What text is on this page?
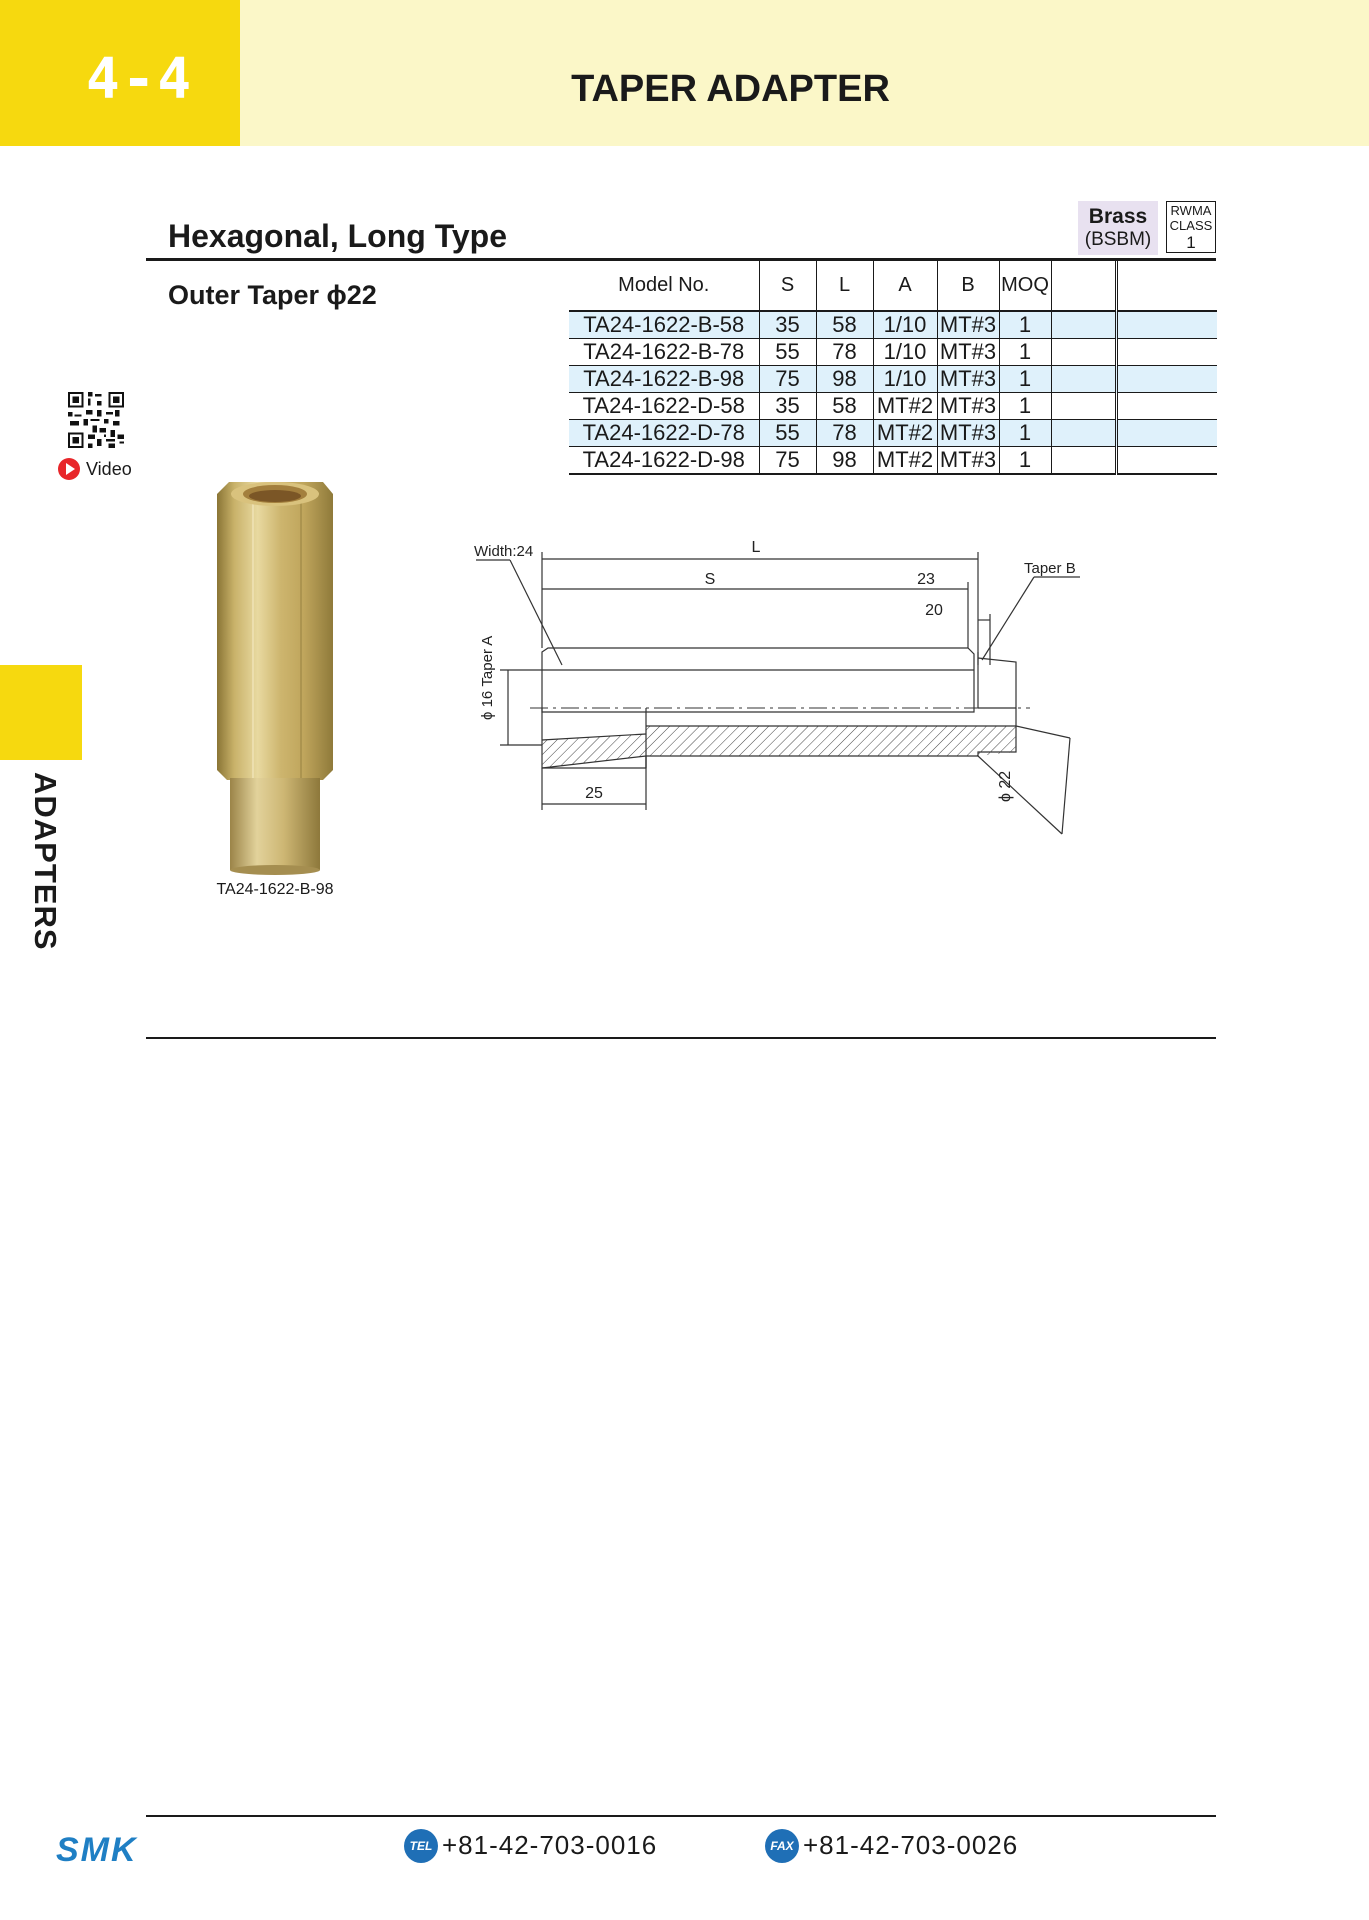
4-4	TAPER ADAPTER
ADAPTERS
Hexagonal, Long Type
Outer Taper ϕ22
Brass
(BSBM)
RWMA
CLASS
1
Video
Model No.	S	L	A	B	MOQ		
TA24-1622-B-58	35	58	1/10	MT#3	1		
TA24-1622-B-78	55	78	1/10	MT#3	1		
TA24-1622-B-98	75	98	1/10	MT#3	1		
TA24-1622-D-58	35	58	MT#2	MT#3	1		
TA24-1622-D-78	55	78	MT#2	MT#3	1		
TA24-1622-D-98	75	98	MT#2	MT#3	1		
TA24-1622-B-98
Width:24	L
S	23
20
Taper B
ϕ 16 Taper A
25	ϕ 22
SMK	TEL +81-42-703-0016	FAX +81-42-703-0026
